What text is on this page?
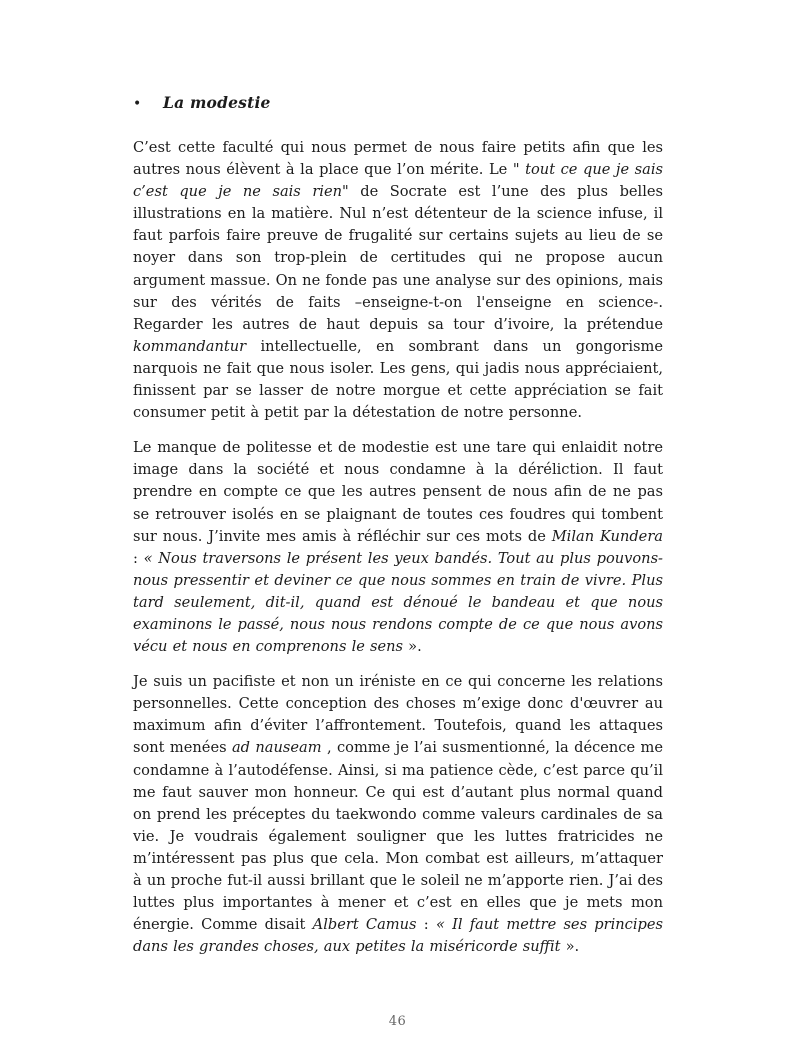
•	La modestie

C’est cette faculté qui nous permet de nous faire petits afin que les autres nous élèvent à la place que l’on mérite. Le " tout ce que je sais c’est que je ne sais rien" de Socrate est l’une des plus belles illustrations en la matière. Nul n’est détenteur de la science infuse, il faut parfois faire preuve de frugalité sur certains sujets au lieu de se noyer dans son trop-plein de certitudes qui ne propose aucun argument massue. On ne fonde pas une analyse sur des opinions, mais sur des vérités de faits –enseigne-t-on l'enseigne en science-. Regarder les autres de haut depuis sa tour d’ivoire, la prétendue kommandantur intellectuelle, en sombrant dans un gongorisme narquois ne fait que nous isoler. Les gens, qui jadis nous appréciaient, finissent par se lasser de notre morgue et cette appréciation se fait consumer petit à petit par la détestation de notre personne.

Le manque de politesse et de modestie est une tare qui enlaidit notre image dans la société et nous condamne à la déréliction. Il faut prendre en compte ce que les autres pensent de nous afin de ne pas se retrouver isolés en se plaignant de toutes ces foudres qui tombent sur nous. J’invite mes amis à réfléchir sur ces mots de Milan Kundera : « Nous traversons le présent les yeux bandés. Tout au plus pouvons-nous pressentir et deviner ce que nous sommes en train de vivre. Plus tard seulement, dit-il, quand est dénoué le bandeau et que nous examinons le passé, nous nous rendons compte de ce que nous avons vécu et nous en comprenons le sens ».

Je suis un pacifiste et non un iréniste en ce qui concerne les relations personnelles. Cette conception des choses m’exige donc d'œuvrer au maximum afin d’éviter l’affrontement. Toutefois, quand les attaques sont menées ad nauseam , comme je l’ai susmentionné, la décence me condamne à l’autodéfense. Ainsi, si ma patience cède, c’est parce qu’il me faut sauver mon honneur. Ce qui est d’autant plus normal quand on prend les préceptes du taekwondo comme valeurs cardinales de sa vie. Je voudrais également souligner que les luttes fratricides ne m’intéressent pas plus que cela. Mon combat est ailleurs, m’attaquer à un proche fut-il aussi brillant que le soleil ne m’apporte rien. J’ai des luttes plus importantes à mener et c’est en elles que je mets mon énergie. Comme disait Albert Camus : « Il faut mettre ses principes dans les grandes choses, aux petites la miséricorde suffit ».

46
